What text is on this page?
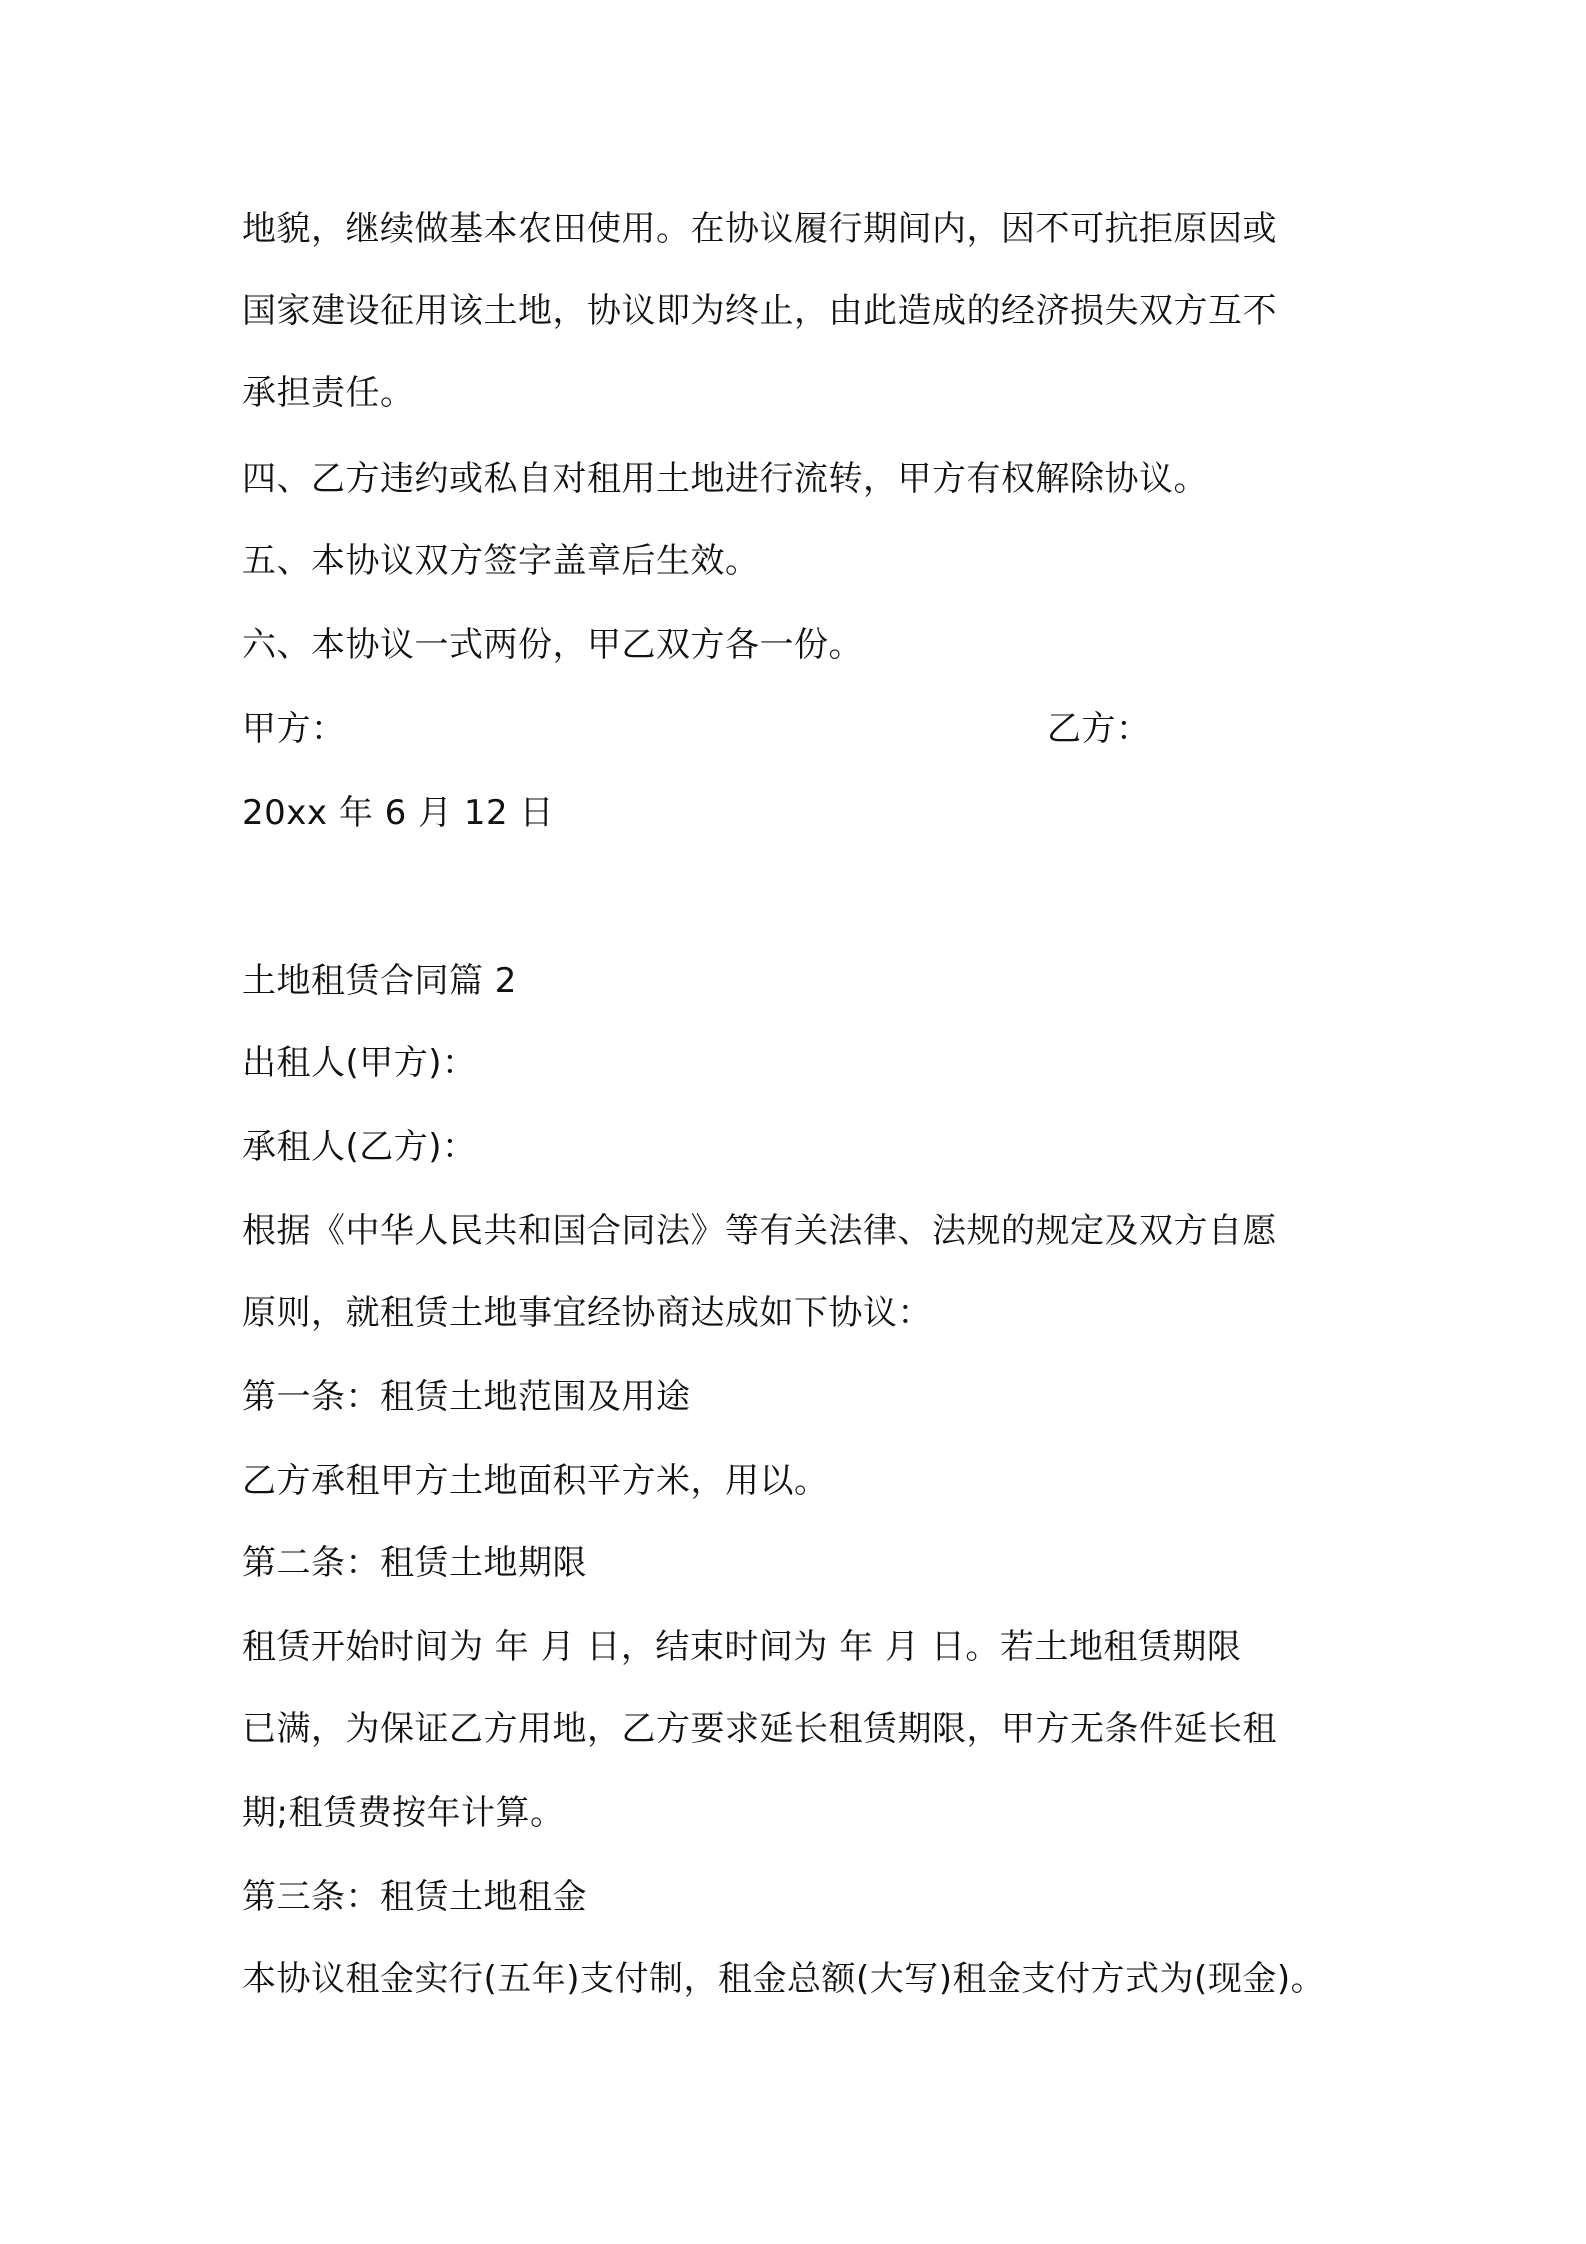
地貌，继续做基本农田使用。在协议履行期间内，因不可抗拒原因或
国家建设征用该土地，协议即为终止，由此造成的经济损失双方互不
承担责任。
四、乙方违约或私自对租用土地进行流转，甲方有权解除协议。
五、本协议双方签字盖章后生效。
六、本协议一式两份，甲乙双方各一份。
甲方：	乙方：
20xx 年 6 月 12 日
土地租赁合同篇 2
出租人(甲方)：
承租人(乙方)：
根据《中华人民共和国合同法》等有关法律、法规的规定及双方自愿
原则，就租赁土地事宜经协商达成如下协议：
第一条：租赁土地范围及用途
乙方承租甲方土地面积平方米，用以。
第二条：租赁土地期限
租赁开始时间为 年 月 日，结束时间为 年 月 日。若土地租赁期限
已满，为保证乙方用地，乙方要求延长租赁期限，甲方无条件延长租
期;租赁费按年计算。
第三条：租赁土地租金
本协议租金实行(五年)支付制，租金总额(大写)租金支付方式为(现金)。
